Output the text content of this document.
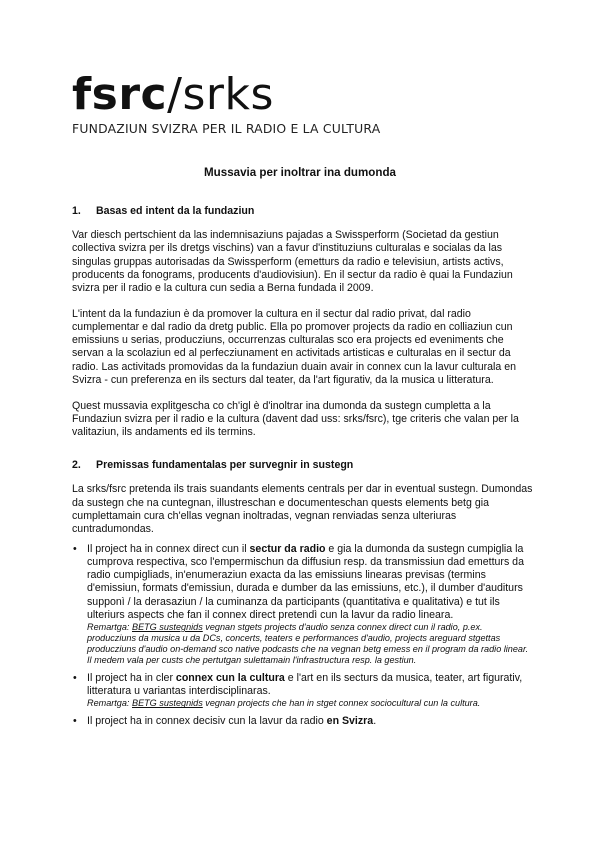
fsrc/srks
FUNDAZIUN SVIZRA PER IL RADIO E LA CULTURA
Mussavia per inoltrar ina dumonda
1. Basas ed intent da la fundaziun

Var diesch pertschient da las indemnisaziuns pajadas a Swissperform (Societad da gestiun collectiva svizra per ils dretgs vischins) van a favur d'instituziuns culturalas e socialas da las singulas gruppas autorisadas da Swissperform (emetturs da radio e televisiun, artists activs, producents da fonograms, producents d'audiovisiun). En il sectur da radio è quai la Fundaziun svizra per il radio e la cultura cun sedia a Berna fundada il 2009.

L'intent da la fundaziun è da promover la cultura en il sectur dal radio privat, dal radio cumplementar e dal radio da dretg public. Ella po promover projects da radio en colliaziun cun emissiuns u serias, producziuns, occurrenzas culturalas sco era projects ed eveniments che servan a la scolaziun ed al perfecziunament en activitads artisticas e culturalas en il sectur da radio. Las activitads promovidas da la fundaziun duain avair in connex cun la lavur culturala en Svizra - cun preferenza en ils secturs dal teater, da l'art figurativ, da la musica u litteratura.

Quest mussavia explitgescha co ch'igl è d'inoltrar ina dumonda da sustegn cumpletta a la Fundaziun svizra per il radio e la cultura (davent dad uss: srks/fsrc), tge criteris che valan per la valitaziun, ils andaments ed ils termins.

2. Premissas fundamentalas per survegnir in sustegn

La srks/fsrc pretenda ils trais suandants elements centrals per dar in eventual sustegn. Dumondas da sustegn che na cuntegnan, illustreschan e documenteschan quests elements betg gia cumplettamain cura ch'ellas vegnan inoltradas, vegnan renviadas senza ulteriuras cuntradumondas.

• Il project ha in connex direct cun il sectur da radio e gia la dumonda da sustegn cumpiglia la cumprova respectiva, sco l'empermischun da diffusiun resp. da transmissiun dad emetturs da radio cumpigliads, in'enumeraziun exacta da las emissiuns linearas previsas (termins d'emissiun, formats d'emissiun, durada e dumber da las emissiuns, etc.), il dumber d'auditurs supponì / la derasaziun / la cuminanza da participants (quantitativa e qualitativa) e tut ils ulteriurs aspects che fan il connex direct pretendì cun la lavur da radio lineara.
Remartga: BETG sustegnids vegnan stgets projects d'audio senza connex direct cun il radio, p.ex. producziuns da musica u da DCs, concerts, teaters e performances d'audio, projects areguard stgettas producziuns d'audio on-demand sco native podcasts che na vegnan betg emess en il program da radio linear. Il medem vala per custs che pertutgan sulettamain l'infrastructura resp. la gestiun.
• Il project ha in cler connex cun la cultura e l'art en ils secturs da musica, teater, art figurativ, litteratura u variantas interdisciplinaras.
Remartga: BETG sustegnids vegnan projects che han in stget connex sociocultural cun la cultura.
• Il project ha in connex decisiv cun la lavur da radio en Svizra.
